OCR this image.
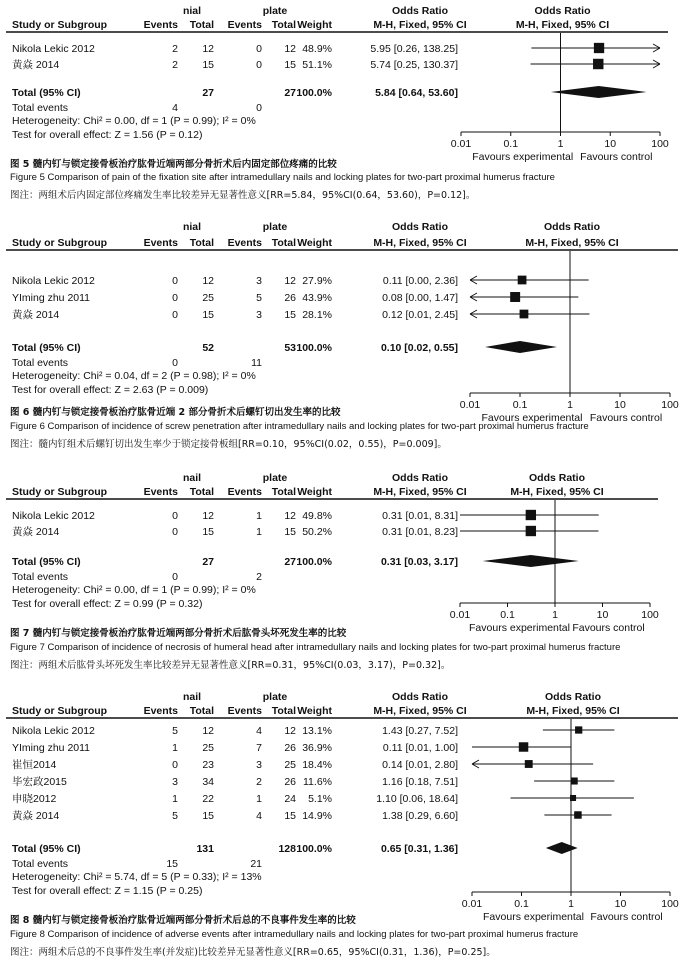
nial	plate	Odds Ratio	Odds Ratio
Study or Subgroup	Events Total Events Total Weight	M-H, Fixed, 95% CI	M-H, Fixed, 95% CI
Nikola Lekic 2012	2 12	0 12 48.9%	5.95 [0.26, 138.25]
黄焱 2014	2 15	0 15 51.1%	5.74 [0.25, 130.37]
Total (95% CI)	27	27 100.0%	5.84 [0.64, 53.60]
Total events	4	0
Heterogeneity: Chi² = 0.00, df = 1 (P = 0.99); I² = 0%
Test for overall effect: Z = 1.56 (P = 0.12)
0.01	0.1	1	10	100
Favours experimental Favours control

图 5 髓内钉与锁定接骨板治疗肱骨近端两部分骨折术后内固定部位疼痛的比较

Figure 5 Comparison of pain of the fixation site after intramedullary nails and locking plates for two-part proximal humerus fracture

图注：两组术后内固定部位疼痛发生率比较差异无显著性意义[RR=5.84，95%CI(0.64，53.60)，P=0.12]。

nial	plate	Odds Ratio	Odds Ratio
Study or Subgroup	Events Total Events Total Weight	M-H, Fixed, 95% CI	M-H, Fixed, 95% CI
Nikola Lekic 2012	0 12	3 12 27.9%	0.11 [0.00, 2.36]
YIming zhu 2011	0 25	5 26 43.9%	0.08 [0.00, 1.47]
黄焱 2014	0 15	3 15 28.1%	0.12 [0.01, 2.45]
Total (95% CI)	52	53 100.0%	0.10 [0.02, 0.55]
Total events	0	11
Heterogeneity: Chi² = 0.04, df = 2 (P = 0.98); I² = 0%
Test for overall effect: Z = 2.63 (P = 0.009)
0.01	0.1	1	10	100
Favours experimental Favours control

图 6 髓内钉与锁定接骨板治疗肱骨近端 2 部分骨折术后螺钉切出发生率的比较

Figure 6 Comparison of incidence of screw penetration after intramedullary nails and locking plates for two-part proximal humerus fracture

图注：髓内钉组术后螺钉切出发生率少于锁定接骨板组[RR=0.10，95%CI(0.02，0.55)，P=0.009]。

nail	plate	Odds Ratio	Odds Ratio
Study or Subgroup	Events Total Events Total Weight	M-H, Fixed, 95% CI	M-H, Fixed, 95% CI
Nikola Lekic 2012	0 12	1 12 49.8%	0.31 [0.01, 8.31]
黄焱 2014	0 15	1 15 50.2%	0.31 [0.01, 8.23]
Total (95% CI)	27	27 100.0%	0.31 [0.03, 3.17]
Total events	0	2
Heterogeneity: Chi² = 0.00, df = 1 (P = 0.99); I² = 0%
Test for overall effect: Z = 0.99 (P = 0.32)
0.01	0.1	1	10	100
Favours experimental Favours control

图 7 髓内钉与锁定接骨板治疗肱骨近端两部分骨折术后肱骨头坏死发生率的比较

Figure 7 Comparison of incidence of necrosis of humeral head after intramedullary nails and locking plates for two-part proximal humerus fracture

图注：两组术后肱骨头坏死发生率比较差异无显著性意义[RR=0.31，95%CI(0.03，3.17)，P=0.32]。

nail	plate	Odds Ratio	Odds Ratio
Study or Subgroup	Events Total Events Total Weight	M-H, Fixed, 95% CI	M-H, Fixed, 95% CI
Nikola Lekic 2012	5 12	4 12 13.1%	1.43 [0.27, 7.52]
YIming zhu 2011	1 25	7 26 36.9%	0.11 [0.01, 1.00]
崔恒2014	0 23	3 25 18.4%	0.14 [0.01, 2.80]
毕宏政2015	3 34	2 26 11.6%	1.16 [0.18, 7.51]
申晓2012	1 22	1 24 5.1%	1.10 [0.06, 18.64]
黄焱 2014	5 15	4 15 14.9%	1.38 [0.29, 6.60]
Total (95% CI)	131	128 100.0%	0.65 [0.31, 1.36]
Total events	15	21
Heterogeneity: Chi² = 5.74, df = 5 (P = 0.33); I² = 13%
Test for overall effect: Z = 1.15 (P = 0.25)
0.01	0.1	1	10	100
Favours experimental Favours control

图 8 髓内钉与锁定接骨板治疗肱骨近端两部分骨折术后总的不良事件发生率的比较

Figure 8 Comparison of incidence of adverse events after intramedullary nails and locking plates for two-part proximal humerus fracture

图注：两组术后总的不良事件发生率(并发症)比较差异无显著性意义[RR=0.65，95%CI(0.31，1.36)，P=0.25]。
